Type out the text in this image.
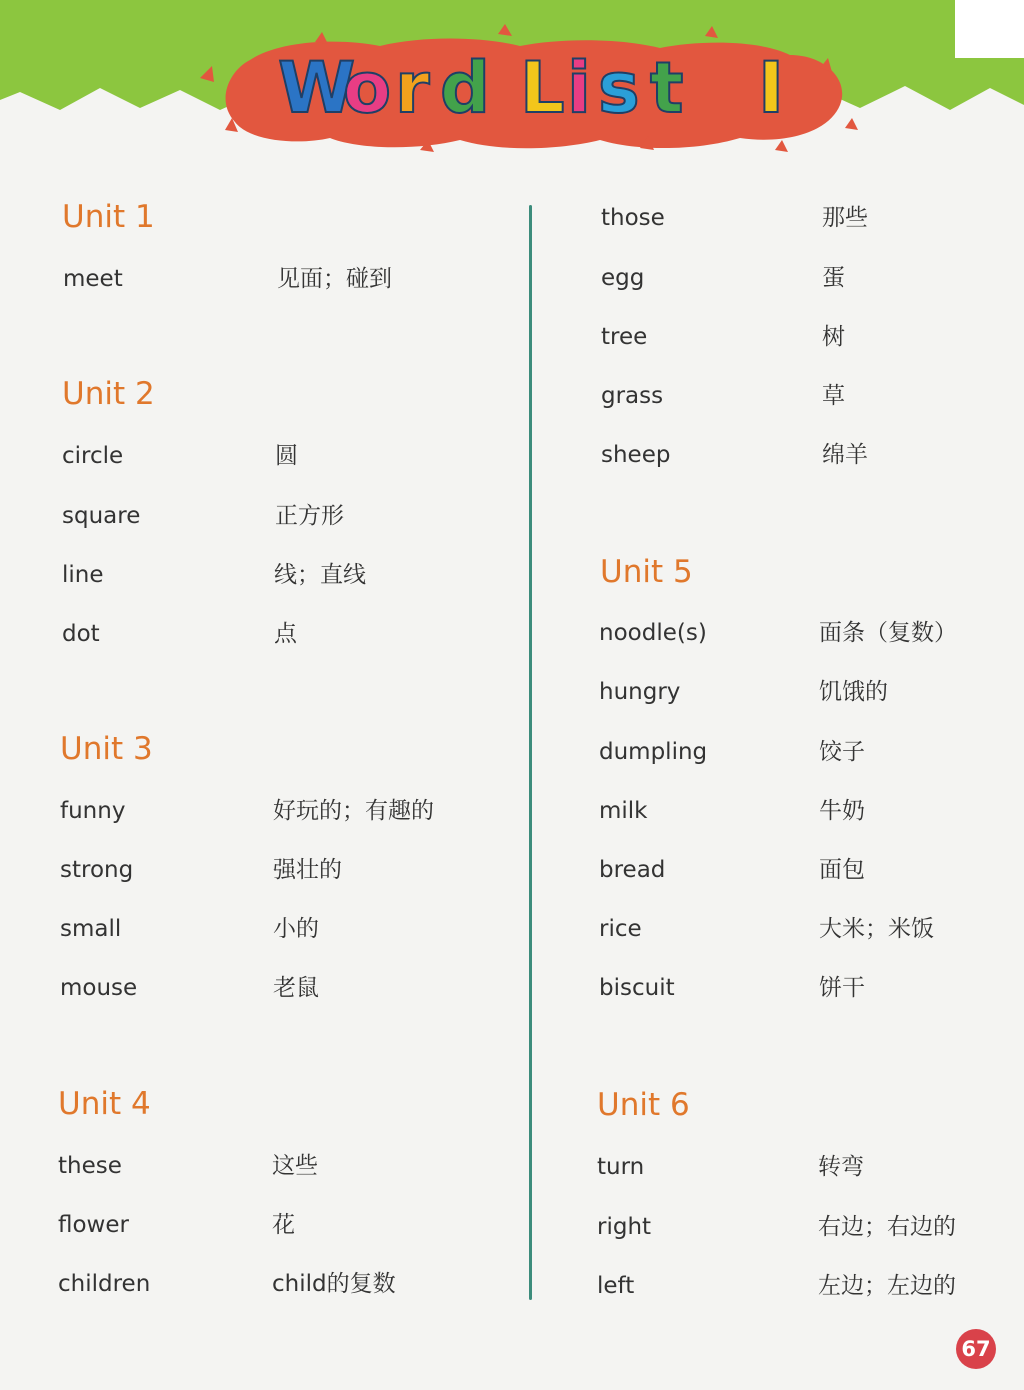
W
o r d L i s t I
Unit 1
meet	见面；碰到
Unit 2
circle	圆
square	正方形
line	线；直线
dot	点
Unit 3
funny	好玩的；有趣的
strong	强壮的
small	小的
mouse	老鼠
Unit 4
these	这些
flower	花
children	child的复数
those	那些
egg	蛋
tree	树
grass	草
sheep	绵羊
Unit 5
noodle(s)	面条（复数）
hungry	饥饿的
dumpling	饺子
milk	牛奶
bread	面包
rice	大米；米饭
biscuit	饼干
Unit 6
turn	转弯
right	右边；右边的
left	左边；左边的
67
